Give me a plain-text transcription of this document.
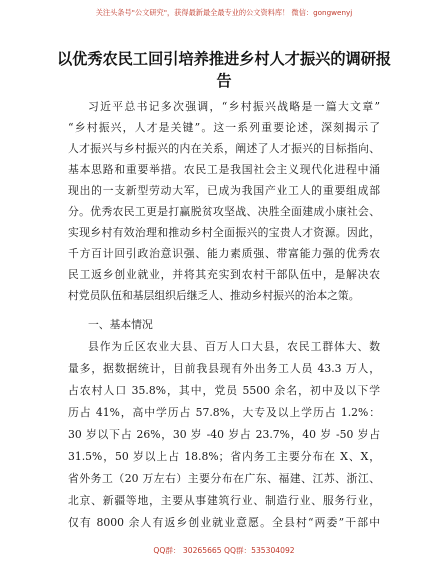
关注头条号"公文研究"，获得最新最全最专业的公文资料库！ 微信：gongwenyj
以优秀农民工回引培养推进乡村人才振兴的调研报告
习近平总书记多次强调，“乡村振兴战略是一篇大文章”
“乡村振兴，人才是关键”。这一系列重要论述，深刻揭示了
人才振兴与乡村振兴的内在关系，阐述了人才振兴的目标指向、
基本思路和重要举措。农民工是我国社会主义现代化进程中涌
现出的一支新型劳动大军，已成为我国产业工人的重要组成部
分。优秀农民工更是打赢脱贫攻坚战、决胜全面建成小康社会、
实现乡村有效治理和推动乡村全面振兴的宝贵人才资源。因此，
千方百计回引政治意识强、能力素质强、带富能力强的优秀农
民工返乡创业就业，并将其充实到农村干部队伍中，是解决农
村党员队伍和基层组织后继乏人、推动乡村振兴的治本之策。
一、基本情况
县作为丘区农业大县、百万人口大县，农民工群体大、数
量多，据数据统计，目前我县现有外出务工人员 43.3 万人，
占农村人口 35.8%，其中，党员 5500 余名，初中及以下学
历占 41%，高中学历占 57.8%，大专及以上学历占 1.2%：
30 岁以下占 26%，30 岁 -40 岁占 23.7%，40 岁 -50 岁占
31.5%，50 岁以上占 18.8%；省内务工主要分布在 X、X，
省外务工（20 万左右）主要分布在广东、福建、江苏、浙江、
北京、新疆等地，主要从事建筑行业、制造行业、服务行业，
仅有 8000 余人有返乡创业就业意愿。全县村“两委”干部中
QQ群： 30265665 QQ群：535304092
